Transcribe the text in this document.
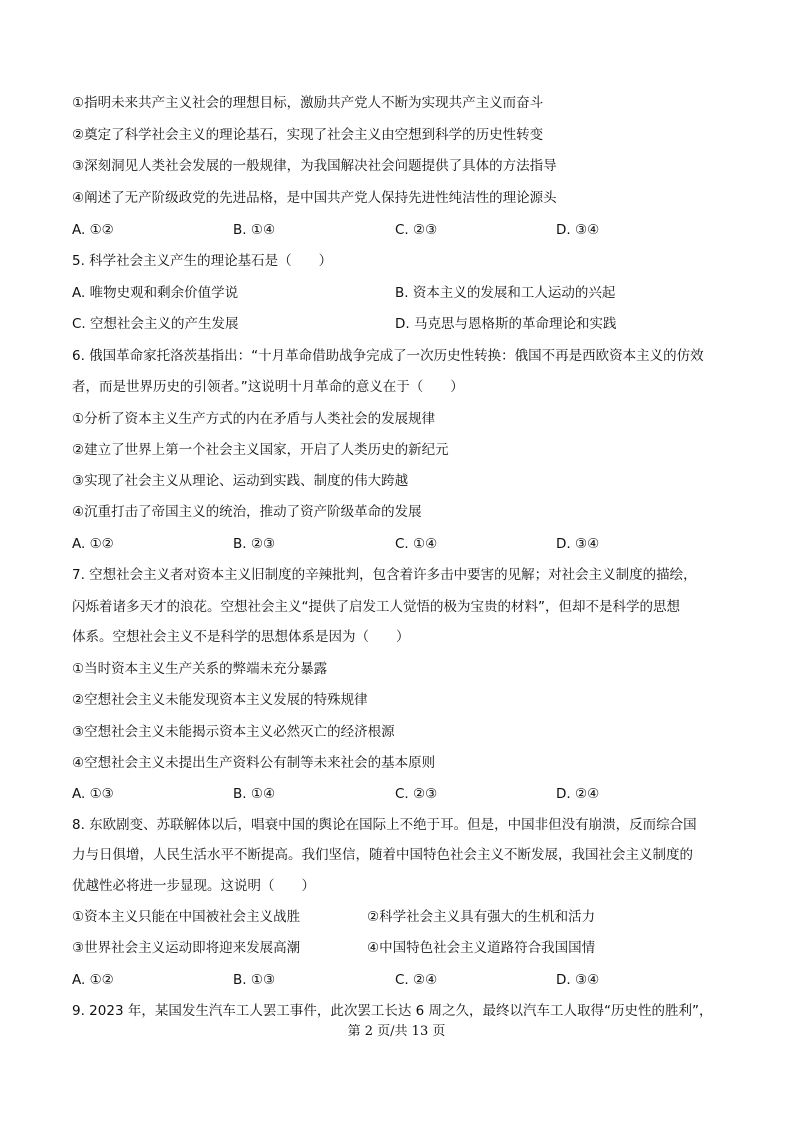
①指明未来共产主义社会的理想目标，激励共产党人不断为实现共产主义而奋斗
②奠定了科学社会主义的理论基石，实现了社会主义由空想到科学的历史性转变
③深刻洞见人类社会发展的一般规律，为我国解决社会问题提供了具体的方法指导
④阐述了无产阶级政党的先进品格，是中国共产党人保持先进性纯洁性的理论源头
A. ①②	B. ①④	C. ②③	D. ③④
5. 科学社会主义产生的理论基石是（　　）
A. 唯物史观和剩余价值学说	B. 资本主义的发展和工人运动的兴起
C. 空想社会主义的产生发展	D. 马克思与恩格斯的革命理论和实践
6. 俄国革命家托洛茨基指出：“十月革命借助战争完成了一次历史性转换：俄国不再是西欧资本主义的仿效
者，而是世界历史的引领者。”这说明十月革命的意义在于（　　）
①分析了资本主义生产方式的内在矛盾与人类社会的发展规律
②建立了世界上第一个社会主义国家，开启了人类历史的新纪元
③实现了社会主义从理论、运动到实践、制度的伟大跨越
④沉重打击了帝国主义的统治，推动了资产阶级革命的发展
A. ①②	B. ②③	C. ①④	D. ③④
7. 空想社会主义者对资本主义旧制度的辛辣批判，包含着许多击中要害的见解；对社会主义制度的描绘，
闪烁着诸多天才的浪花。空想社会主义“提供了启发工人觉悟的极为宝贵的材料”，但却不是科学的思想
体系。空想社会主义不是科学的思想体系是因为（　　）
①当时资本主义生产关系的弊端未充分暴露
②空想社会主义未能发现资本主义发展的特殊规律
③空想社会主义未能揭示资本主义必然灭亡的经济根源
④空想社会主义未提出生产资料公有制等未来社会的基本原则
A. ①③	B. ①④	C. ②③	D. ②④
8. 东欧剧变、苏联解体以后，唱衰中国的舆论在国际上不绝于耳。但是，中国非但没有崩溃，反而综合国
力与日俱增，人民生活水平不断提高。我们坚信，随着中国特色社会主义不断发展，我国社会主义制度的
优越性必将进一步显现。这说明（　　）
①资本主义只能在中国被社会主义战胜	②科学社会主义具有强大的生机和活力
③世界社会主义运动即将迎来发展高潮	④中国特色社会主义道路符合我国国情
A. ①②	B. ①③	C. ②④	D. ③④
9. 2023 年，某国发生汽车工人罢工事件，此次罢工长达 6 周之久，最终以汽车工人取得“历史性的胜利”，
第 2 页/共 13 页
